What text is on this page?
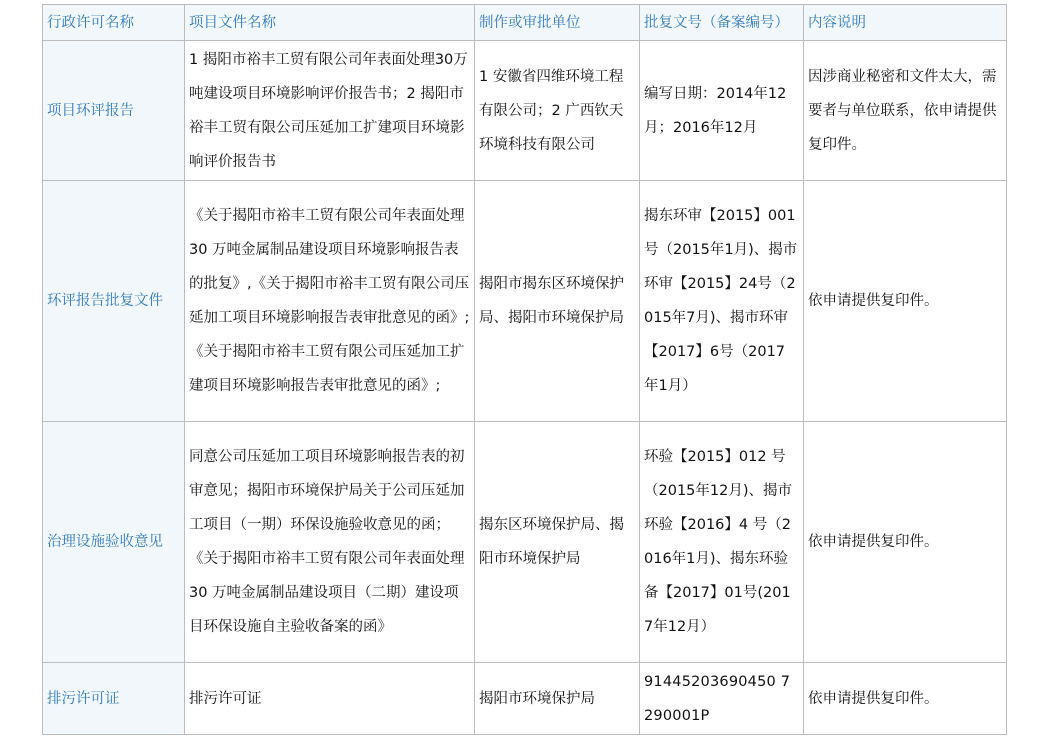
行政许可名称	项目文件名称	制作或审批单位	批复文号（备案编号）	内容说明
项目环评报告	1 揭阳市裕丰工贸有限公司年表面处理30万吨建设项目环境影响评价报告书；2 揭阳市裕丰工贸有限公司压延加工扩建项目环境影响评价报告书	1 安徽省四维环境工程有限公司；2 广西钦天环境科技有限公司	编写日期：2014年12月；2016年12月	因涉商业秘密和文件太大，需要者与单位联系，依申请提供复印件。

环评报告批复文件	《关于揭阳市裕丰工贸有限公司年表面处理 30 万吨金属制品建设项目环境影响报告表的批复》,《关于揭阳市裕丰工贸有限公司压延加工项目环境影响报告表审批意见的函》;《关于揭阳市裕丰工贸有限公司压延加工扩建项目环境影响报告表审批意见的函》;	揭阳市揭东区环境保护局、揭阳市环境保护局	揭东环审【2015】001号（2015年1月)、揭市环审【2015】24号（2015年7月)、揭市环审【2017】6号（2017年1月）	依申请提供复印件。

治理设施验收意见	同意公司压延加工项目环境影响报告表的初审意见；揭阳市环境保护局关于公司压延加工项目（一期）环保设施验收意见的函；《关于揭阳市裕丰工贸有限公司年表面处理 30 万吨金属制品建设项目（二期）建设项目环保设施自主验收备案的函》	揭东区环境保护局、揭阳市环境保护局	环验【2015】012 号（2015年12月)、揭市环验【2016】4 号（2016年1月)、揭东环验备【2017】01号(2017年12月）	依申请提供复印件。

排污许可证	排污许可证	揭阳市环境保护局	91445203690450 7290001P	依申请提供复印件。
